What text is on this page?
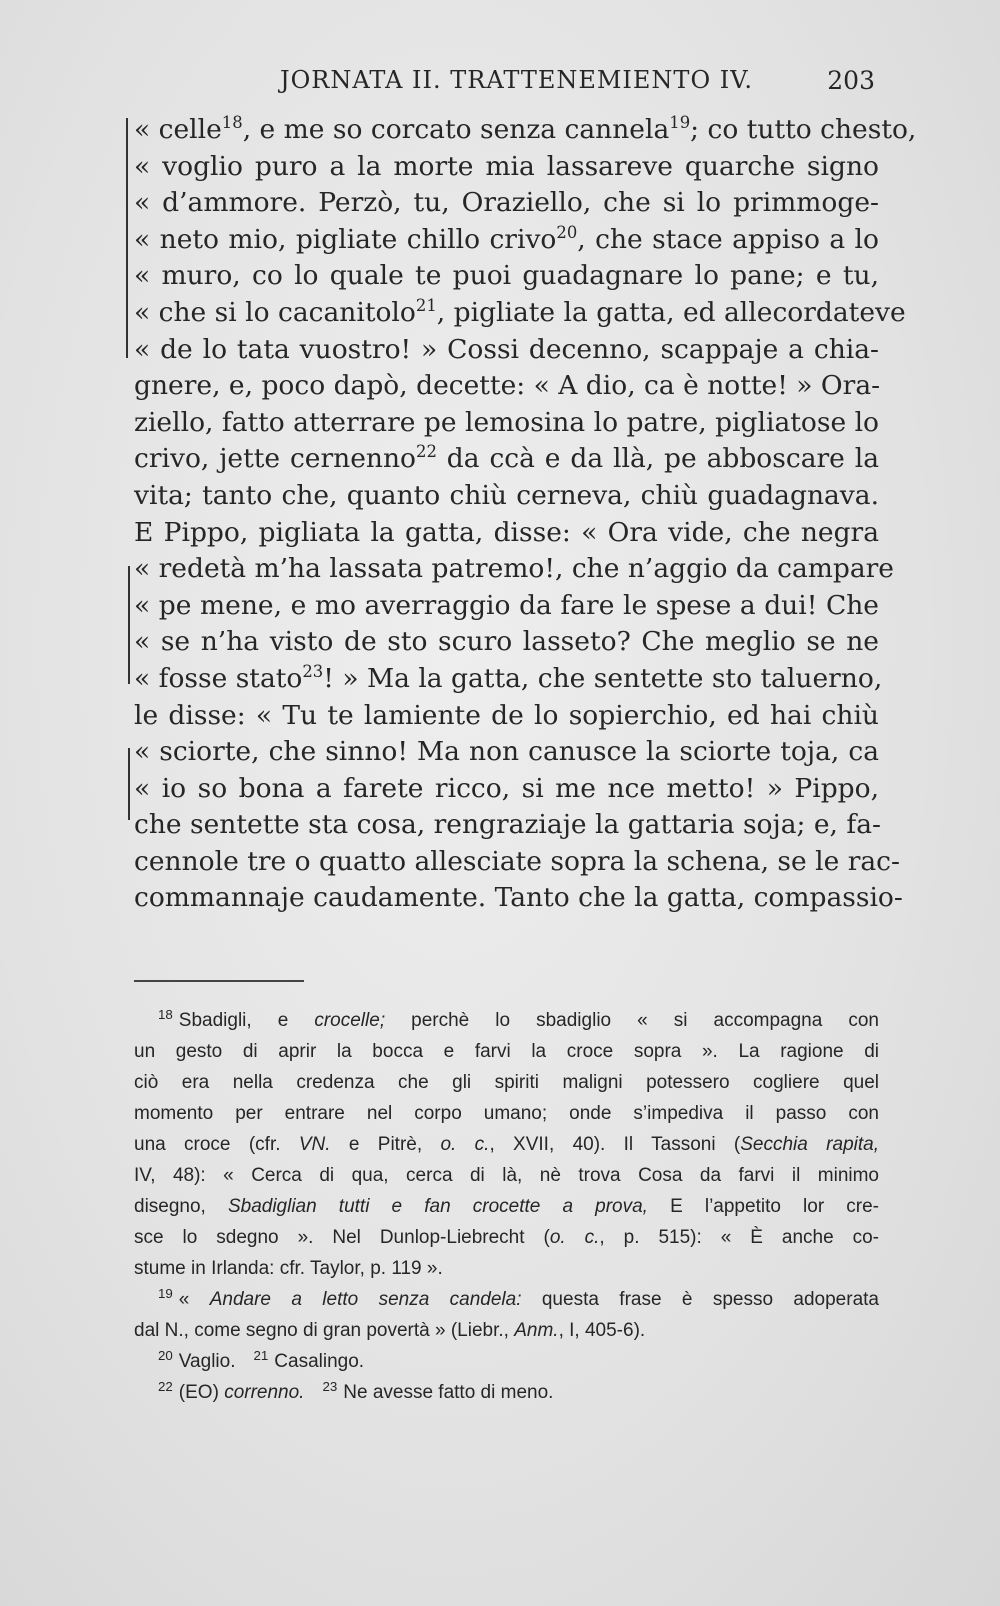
JORNATA II. TRATTENEMIENTO IV.	203
« celle$^{18}$, e me so corcato senza cannela$^{19}$; co tutto chesto,
« voglio puro a la morte mia lassareve quarche signo
« d’ammore. Perzò, tu, Oraziello, che si lo primmoge-
« neto mio, pigliate chillo crivo$^{20}$, che stace appiso a lo
« muro, co lo quale te puoi guadagnare lo pane; e tu,
« che si lo cacanitolo$^{21}$, pigliate la gatta, ed allecordateve
« de lo tata vuostro! » Cossi decenno, scappaje a chia-
gnere, e, poco dapò, decette: « A dio, ca è notte! » Ora-
ziello, fatto atterrare pe lemosina lo patre, pigliatose lo
crivo, jette cernenno$^{22}$ da ccà e da llà, pe abboscare la
vita; tanto che, quanto chiù cerneva, chiù guadagnava.
E Pippo, pigliata la gatta, disse: « Ora vide, che negra
« redetà m’ha lassata patremo!, che n’aggio da campare
« pe mene, e mo averraggio da fare le spese a dui! Che
« se n’ha visto de sto scuro lasseto? Che meglio se ne
« fosse stato$^{23}$! » Ma la gatta, che sentette sto taluerno,
le disse: « Tu te lamiente de lo sopierchio, ed hai chiù
« sciorte, che sinno! Ma non canusce la sciorte toja, ca
« io so bona a farete ricco, si me nce metto! » Pippo,
che sentette sta cosa, rengraziaje la gattaria soja; e, fa-
cennole tre o quatto allesciate sopra la schena, se le rac-
commannaje caudamente. Tanto che la gatta, compassio-
$^{18}$ Sbadigli, e crocelle; perchè lo sbadiglio « si accompagna con
un gesto di aprir la bocca e farvi la croce sopra ». La ragione di
ciò era nella credenza che gli spiriti maligni potessero cogliere quel
momento per entrare nel corpo umano; onde s’impediva il passo con
una croce (cfr. VN. e Pitrè, o. c., XVII, 40). Il Tassoni (Secchia rapita,
IV, 48): « Cerca di qua, cerca di là, nè trova Cosa da farvi il minimo
disegno, Sbadiglian tutti e fan crocette a prova, E l’appetito lor cre-
sce lo sdegno ». Nel Dunlop-Liebrecht (o. c., p. 515): « È anche co-
stume in Irlanda: cfr. Taylor, p. 119 ».
$^{19}$ « Andare a letto senza candela: questa frase è spesso adoperata
dal N., come segno di gran povertà » (Liebr., Anm., I, 405-6).
$^{20}$ Vaglio. $^{21}$ Casalingo.
$^{22}$ (EO) correnno. $^{23}$ Ne avesse fatto di meno.
